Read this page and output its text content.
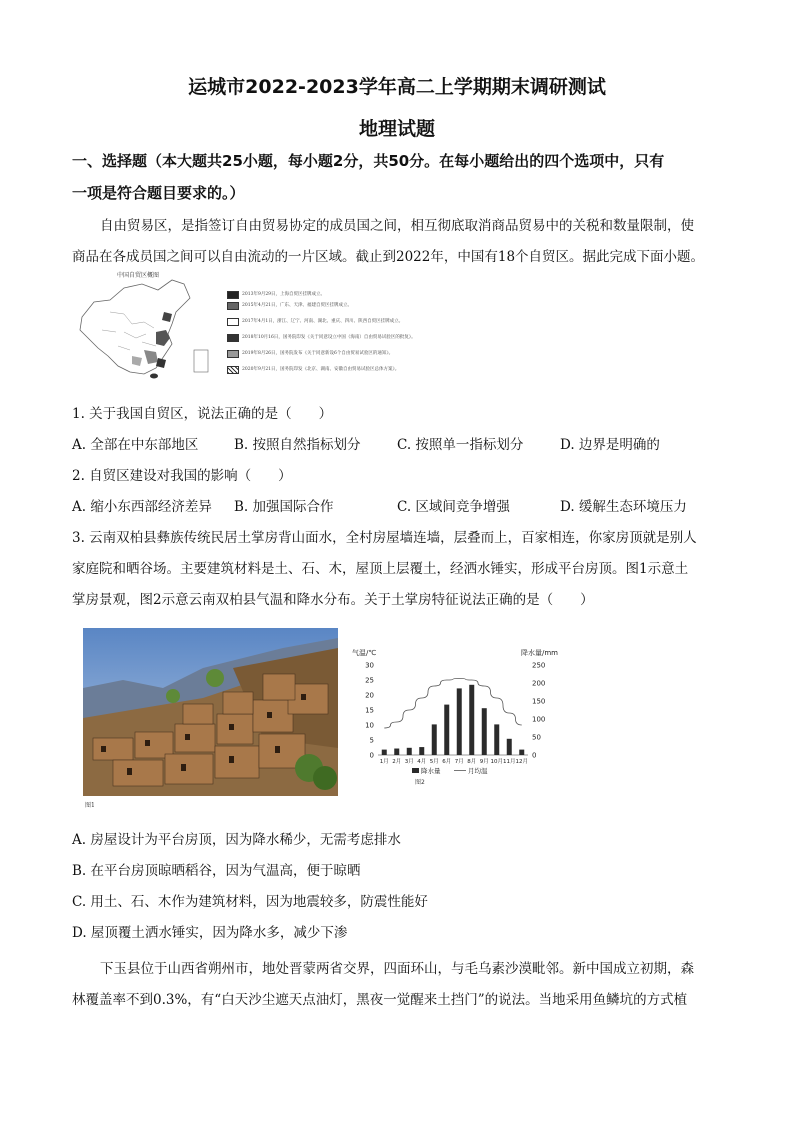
运城市2022-2023学年高二上学期期末调研测试
地理试题
一、选择题（本大题共25小题，每小题2分，共50分。在每小题给出的四个选项中，只有
一项是符合题目要求的。）
自由贸易区，是指签订自由贸易协定的成员国之间，相互彻底取消商品贸易中的关税和数量限制，使
商品在各成员国之间可以自由流动的一片区域。截止到2022年，中国有18个自贸区。据此完成下面小题。
中国自贸区概图
2013年9月29日，上海自贸区挂牌成立。
2015年4月21日，广东、天津、福建自贸区挂牌成立。
2017年4月1日，浙江、辽宁、河南、湖北、重庆、四川、陕西自贸区挂牌成立。
2018年10月16日，国务院印发《关于同意设立中国（海南）自由贸易试验区的批复》。
2019年8月26日，国务院发布《关于同意新设6个自由贸易试验区的通知》。
2020年9月21日，国务院印发《北京、湖南、安徽自由贸易试验区总体方案》。
1. 关于我国自贸区，说法正确的是（　　）
A. 全部在中东部地区	B. 按照自然指标划分	C. 按照单一指标划分	D. 边界是明确的
2. 自贸区建设对我国的影响（　　）
A. 缩小东西部经济差异 B. 加强国际合作	C. 区域间竞争增强	D. 缓解生态环境压力
3. 云南双柏县彝族传统民居土掌房背山面水，全村房屋墙连墙，层叠而上，百家相连，你家房顶就是别人
家庭院和晒谷场。主要建筑材料是土、石、木，屋顶上层覆土，经洒水锤实，形成平台房顶。图1示意土
掌房景观，图2示意云南双柏县气温和降水分布。关于土掌房特征说法正确的是（　　）
图1
气温/℃	降水量/mm
0
5
10
15
20
25
30
0
50
100
150
200
250
1月 2月 3月 4月 5月 6月 7月 8月 9月 10月 11月 12月
降水量	月均温
图2
A. 房屋设计为平台房顶，因为降水稀少，无需考虑排水
B. 在平台房顶晾晒稻谷，因为气温高，便于晾晒
C. 用土、石、木作为建筑材料，因为地震较多，防震性能好
D. 屋顶覆土洒水锤实，因为降水多，减少下渗
下玉县位于山西省朔州市，地处晋蒙两省交界，四面环山，与毛乌素沙漠毗邻。新中国成立初期，森
林覆盖率不到0.3%，有“白天沙尘遮天点油灯，黑夜一觉醒来土挡门”的说法。当地采用鱼鳞坑的方式植
